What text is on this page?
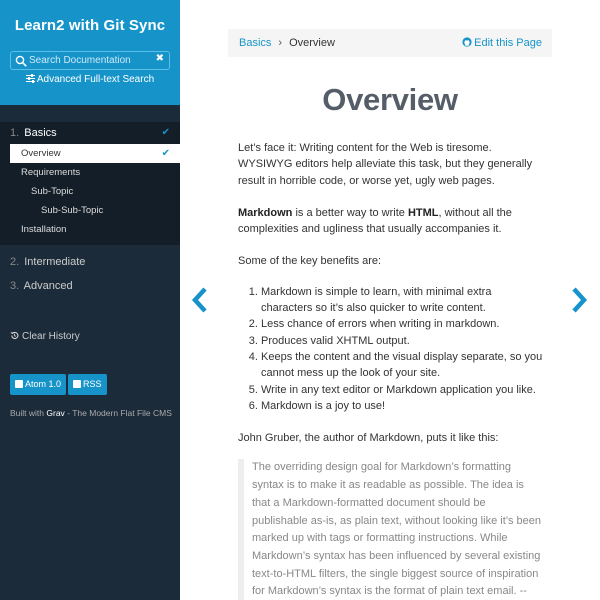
Learn2 with Git Sync
Search Documentation
✖
Advanced Full-text Search
1. Basics	✔
Overview	✔
Requirements
Sub-Topic
Sub-Sub-Topic
Installation
2. Intermediate
3. Advanced
Clear History
Atom 1.0 RSS
Built with Grav - The Modern Flat File CMS
Basics › Overview	Edit this Page
Overview

Let’s face it: Writing content for the Web is tiresome. WYSIWYG editors help alleviate this task, but they generally result in horrible code, or worse yet, ugly web pages.

Markdown is a better way to write HTML, without all the complexities and ugliness that usually accompanies it.

Some of the key benefits are:

1. Markdown is simple to learn, with minimal extra characters so it’s also quicker to write content.
2. Less chance of errors when writing in markdown.
3. Produces valid XHTML output.
4. Keeps the content and the visual display separate, so you cannot mess up the look of your site.
5. Write in any text editor or Markdown application you like.
6. Markdown is a joy to use!

John Gruber, the author of Markdown, puts it like this:

The overriding design goal for Markdown’s formatting syntax is to make it as readable as possible. The idea is that a Markdown-formatted document should be publishable as-is, as plain text, without looking like it’s been marked up with tags or formatting instructions. While Markdown’s syntax has been influenced by several existing text-to-HTML filters, the single biggest source of inspiration for Markdown’s syntax is the format of plain text email. --
